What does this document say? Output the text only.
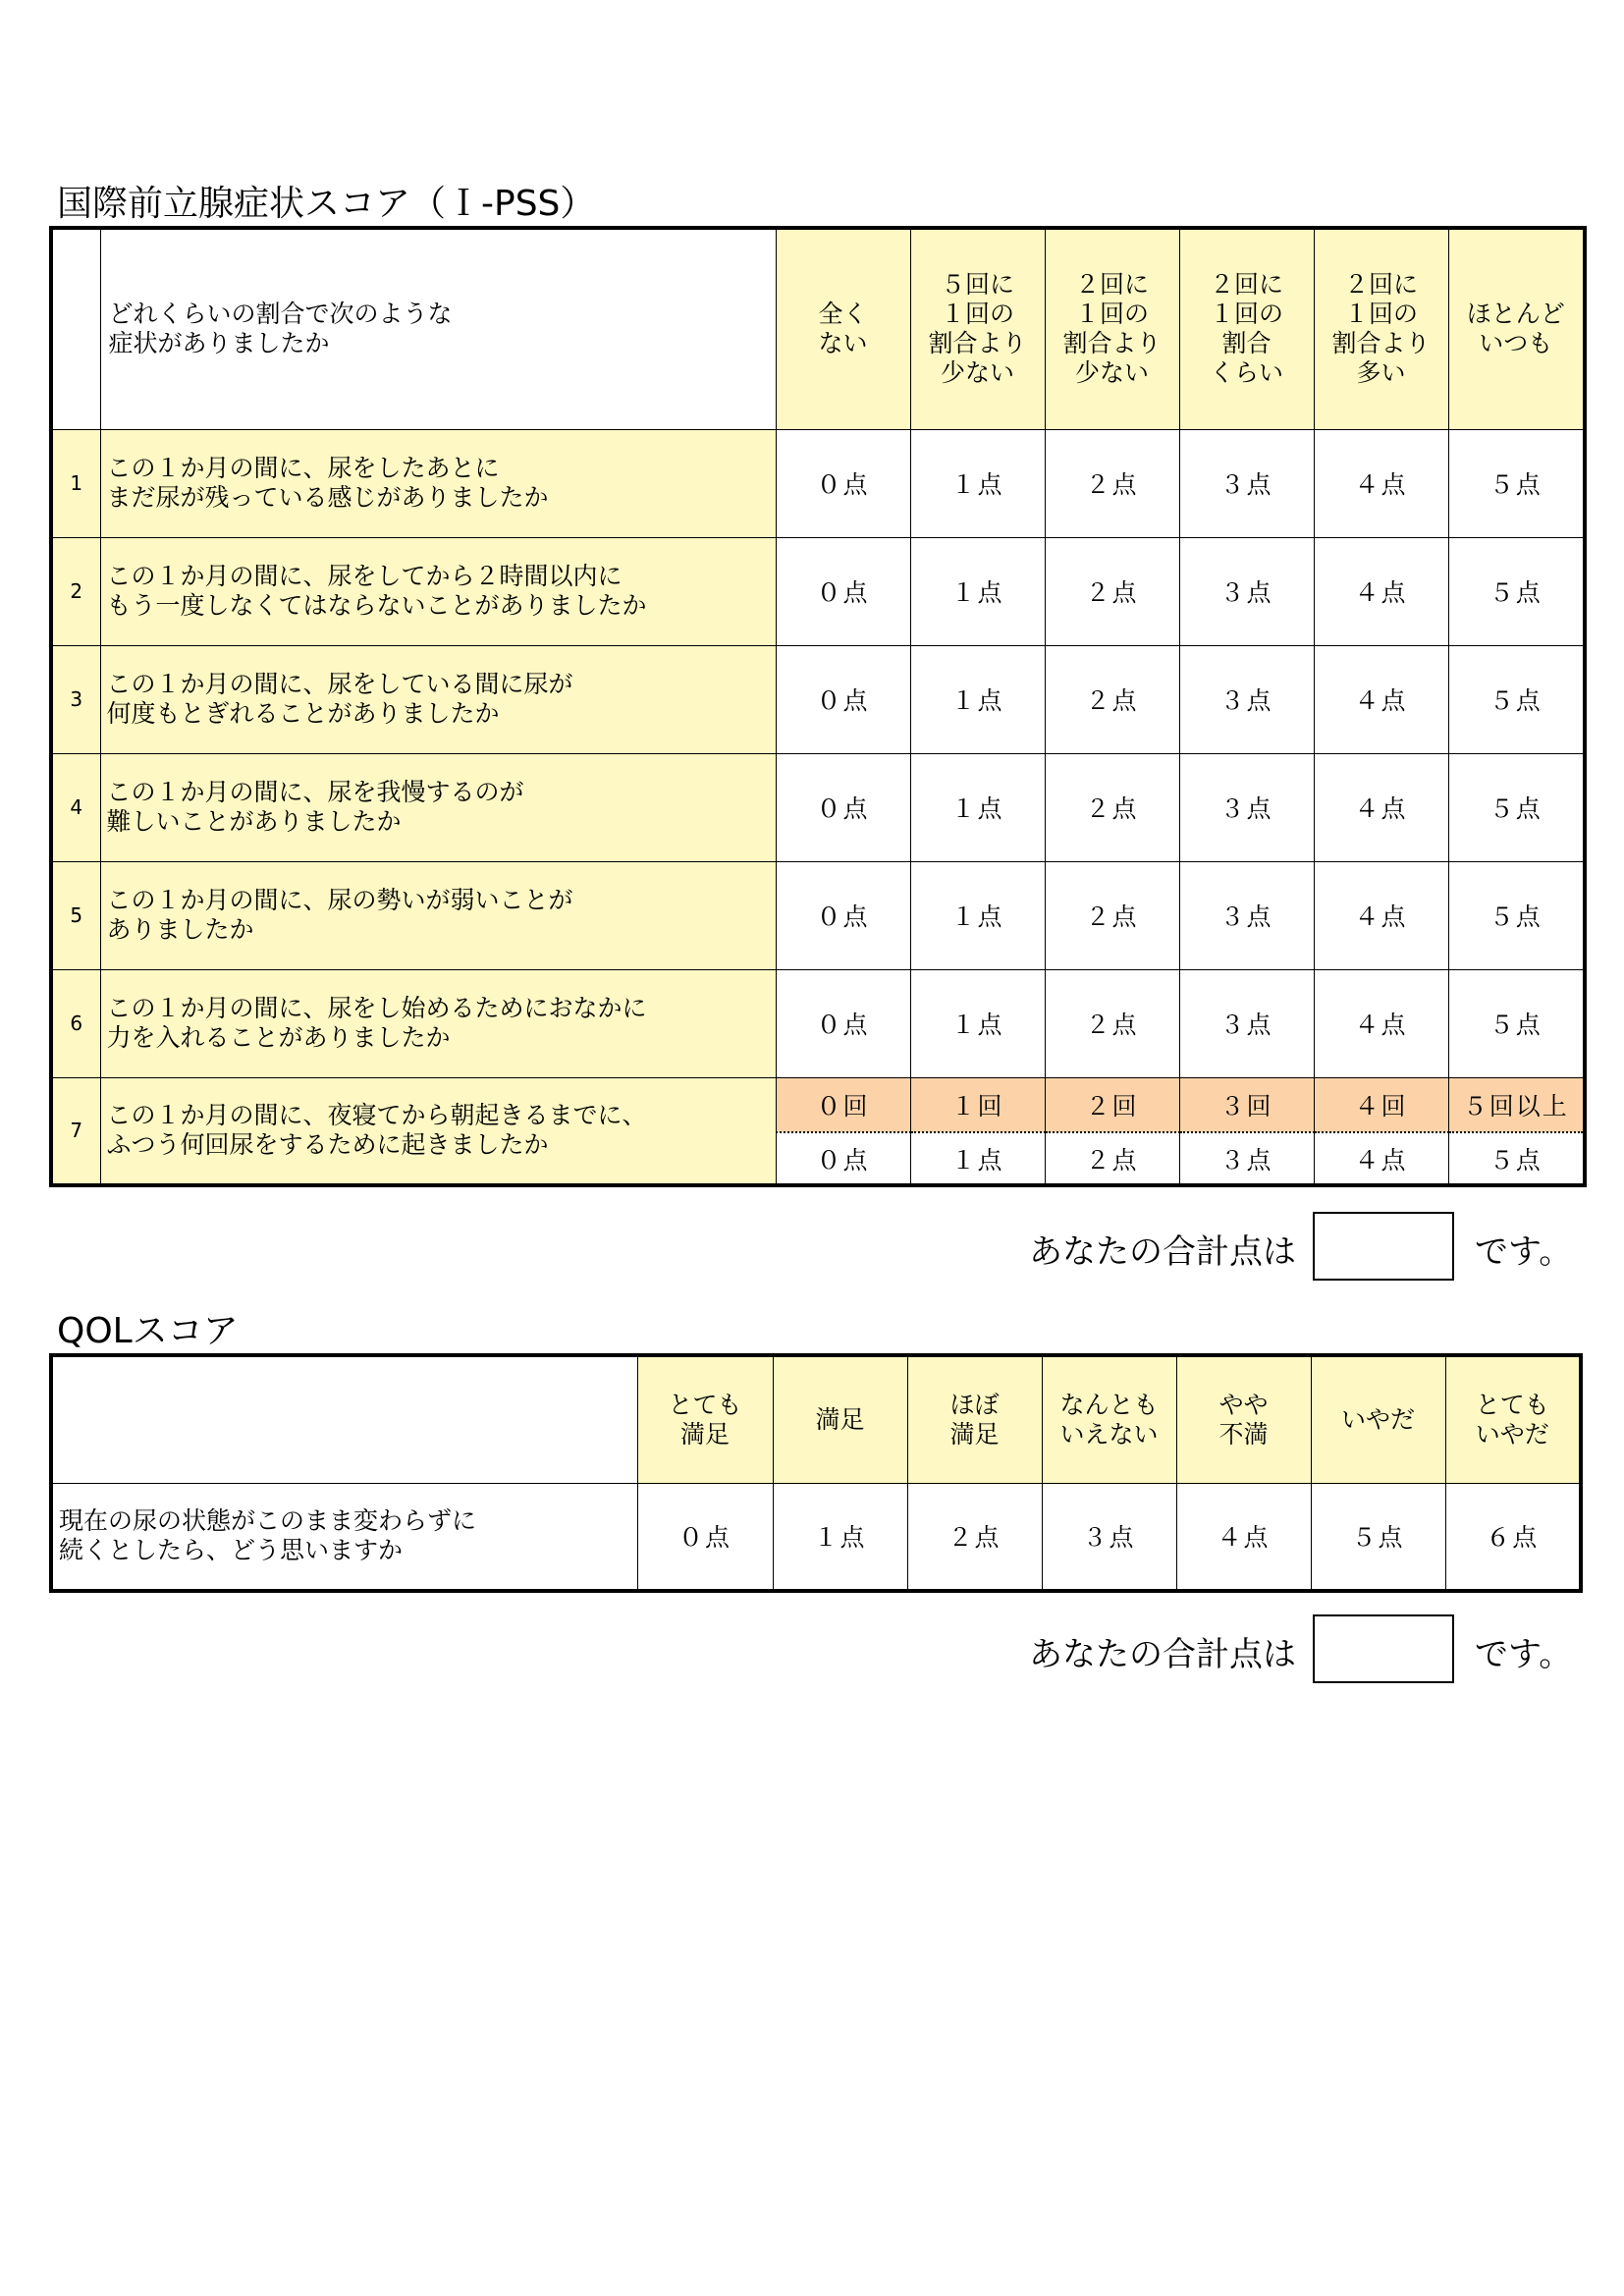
国際前立腺症状スコア（Ｉ-PSS）
	どれくらいの割合で次のような
症状がありましたか	全く
ない	５回に
１回の
割合より
少ない	２回に
１回の
割合より
少ない	２回に
１回の
割合
くらい	２回に
１回の
割合より
多い	ほとんど
いつも
1	この１か月の間に、尿をしたあとに
まだ尿が残っている感じがありましたか	０点	１点	２点	３点	４点	５点
2	この１か月の間に、尿をしてから２時間以内に
もう一度しなくてはならないことがありましたか	０点	１点	２点	３点	４点	５点
3	この１か月の間に、尿をしている間に尿が
何度もとぎれることがありましたか	０点	１点	２点	３点	４点	５点
4	この１か月の間に、尿を我慢するのが
難しいことがありましたか	０点	１点	２点	３点	４点	５点
5	この１か月の間に、尿の勢いが弱いことが
ありましたか	０点	１点	２点	３点	４点	５点
6	この１か月の間に、尿をし始めるためにおなかに
力を入れることがありましたか	０点	１点	２点	３点	４点	５点
7	この１か月の間に、夜寝てから朝起きるまでに、
ふつう何回尿をするために起きましたか	０回	１回	２回	３回	４回	５回以上
		０点	１点	２点	３点	４点	５点
あなたの合計点は	です。
QOLスコア
	とても
満足	満足	ほぼ
満足	なんとも
いえない	やや
不満	いやだ	とても
いやだ
現在の尿の状態がこのまま変わらずに
続くとしたら、どう思いますか	０点	１点	２点	３点	４点	５点	６点
あなたの合計点は	です。
